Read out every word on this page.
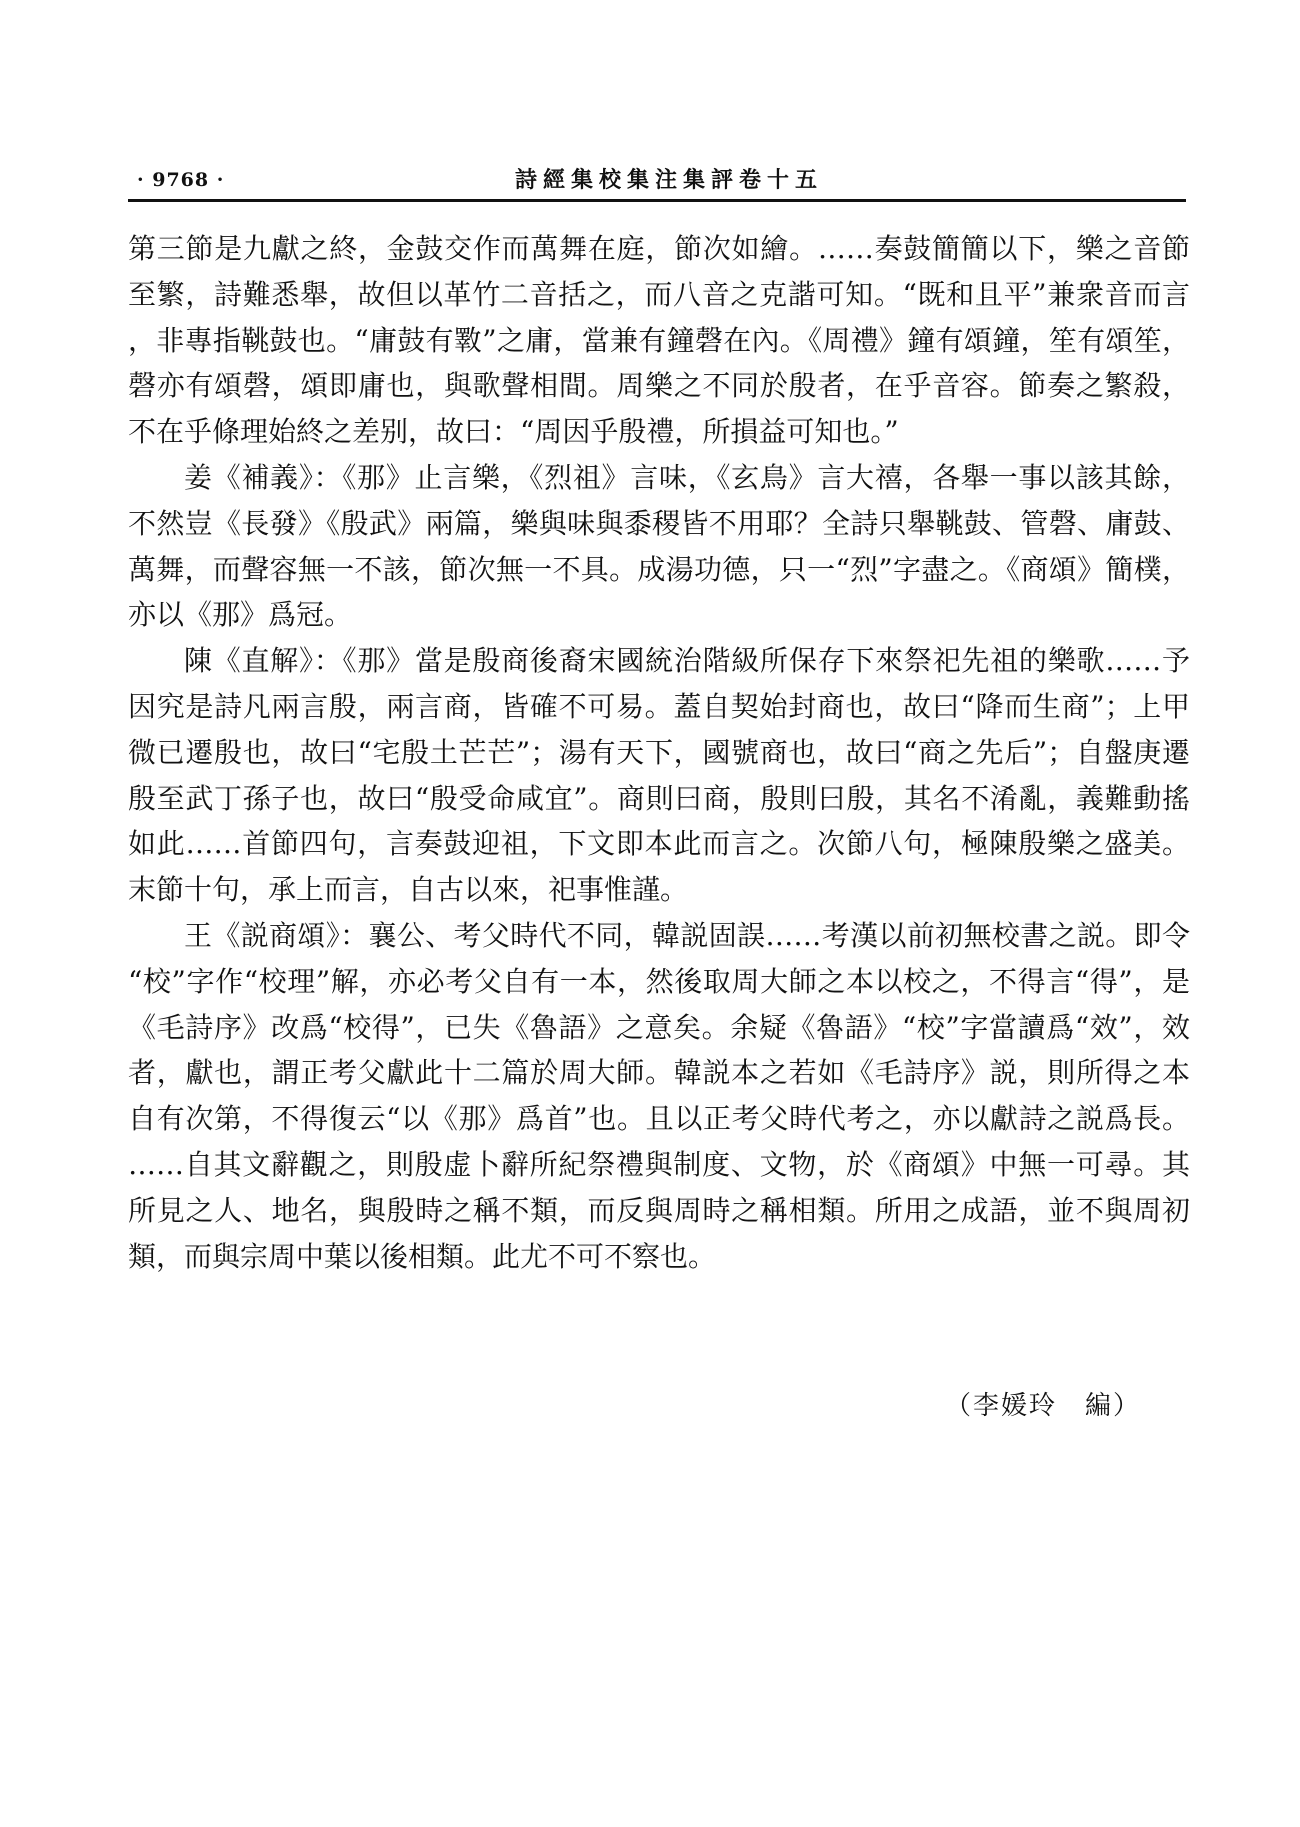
· 9768 ·	詩經集校集注集評卷十五

第三節是九獻之終，金鼓交作而萬舞在庭，節次如繪。……奏鼓簡簡以下，樂之音節至繁，詩難悉舉，故但以革竹二音括之，而八音之克諧可知。“既和且平”兼衆音而言，非專指鞉鼓也。“庸鼓有斁”之庸，當兼有鐘磬在內。《周禮》鐘有頌鐘，笙有頌笙，磬亦有頌磬，頌即庸也，與歌聲相間。周樂之不同於殷者，在乎音容。節奏之繁殺，不在乎條理始終之差别，故曰：“周因乎殷禮，所損益可知也。”

姜《補義》：《那》止言樂，《烈祖》言味，《玄鳥》言大禧，各舉一事以該其餘，不然豈《長發》《殷武》兩篇，樂與味與黍稷皆不用耶？全詩只舉鞉鼓、管磬、庸鼓、萬舞，而聲容無一不該，節次無一不具。成湯功德，只一“烈”字盡之。《商頌》簡樸，亦以《那》爲冠。

陳《直解》：《那》當是殷商後裔宋國統治階級所保存下來祭祀先祖的樂歌……予因究是詩凡兩言殷，兩言商，皆確不可易。蓋自契始封商也，故曰“降而生商”；上甲微已遷殷也，故曰“宅殷土芒芒”；湯有天下，國號商也，故曰“商之先后”；自盤庚遷殷至武丁孫子也，故曰“殷受命咸宜”。商則曰商，殷則曰殷，其名不淆亂，義難動搖如此……首節四句，言奏鼓迎祖，下文即本此而言之。次節八句，極陳殷樂之盛美。末節十句，承上而言，自古以來，祀事惟謹。

王《説商頌》：襄公、考父時代不同，韓説固誤……考漢以前初無校書之説。即令“校”字作“校理”解，亦必考父自有一本，然後取周大師之本以校之，不得言“得”，是《毛詩序》改爲“校得”，已失《魯語》之意矣。余疑《魯語》“校”字當讀爲“效”，效者，獻也，謂正考父獻此十二篇於周大師。韓説本之若如《毛詩序》説，則所得之本自有次第，不得復云“以《那》爲首”也。且以正考父時代考之，亦以獻詩之説爲長。……自其文辭觀之，則殷虚卜辭所紀祭禮與制度、文物，於《商頌》中無一可尋。其所見之人、地名，與殷時之稱不類，而反與周時之稱相類。所用之成語，並不與周初類，而與宗周中葉以後相類。此尤不可不察也。

（李媛玲　編）
